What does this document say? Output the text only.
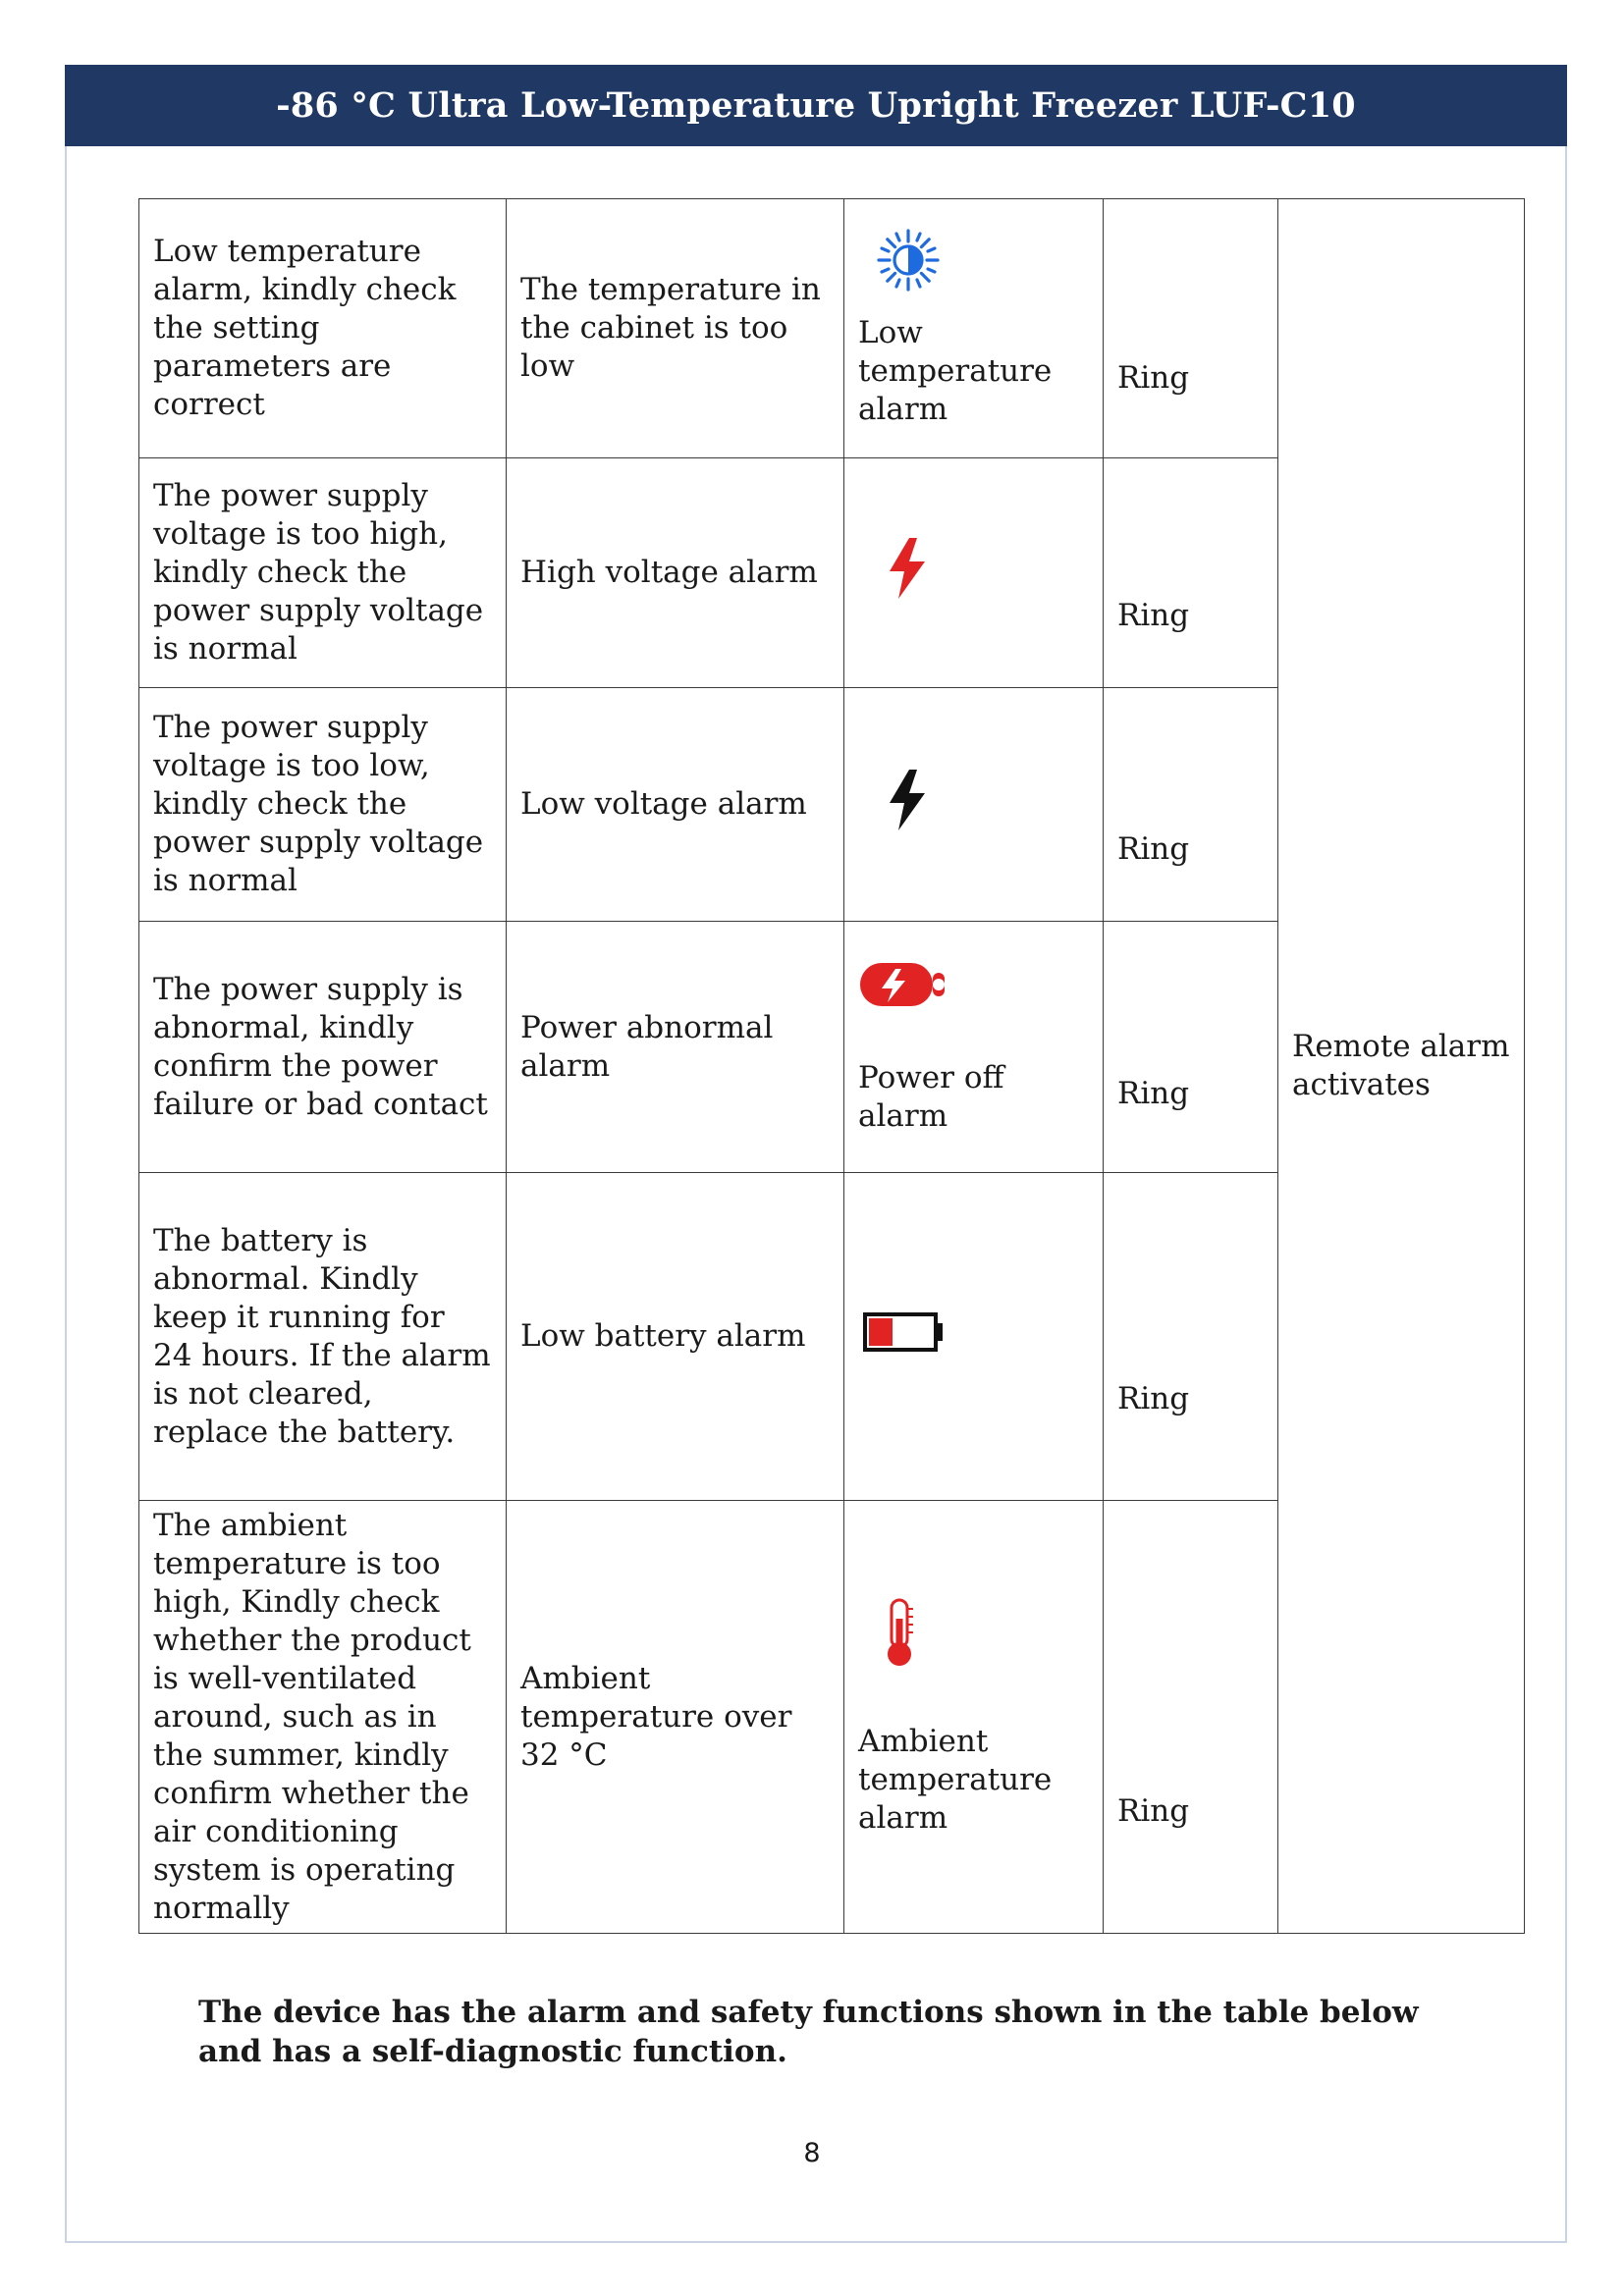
-86 °C Ultra Low-Temperature Upright Freezer LUF-C10
Low temperature alarm, kindly check the setting parameters are correct	The temperature in the cabinet is too low	Low temperature alarm	Ring	Remote alarm activates
The power supply voltage is too high, kindly check the power supply voltage is normal	High voltage alarm		Ring	

The power supply voltage is too low, kindly check the power supply voltage is normal	Low voltage alarm		Ring	

The power supply is abnormal, kindly confirm the power failure or bad contact	Power abnormal alarm	Power off alarm	Ring	

The battery is abnormal. Kindly keep it running for 24 hours. If the alarm is not cleared, replace the battery.	Low battery alarm		Ring	

The ambient temperature is too high, Kindly check whether the product is well-ventilated around, such as in the summer, kindly confirm whether the air conditioning system is operating normally	Ambient temperature over 32 °C	Ambient temperature alarm	Ring	
The device has the alarm and safety functions shown in the table below and has a self-diagnostic function.
8
